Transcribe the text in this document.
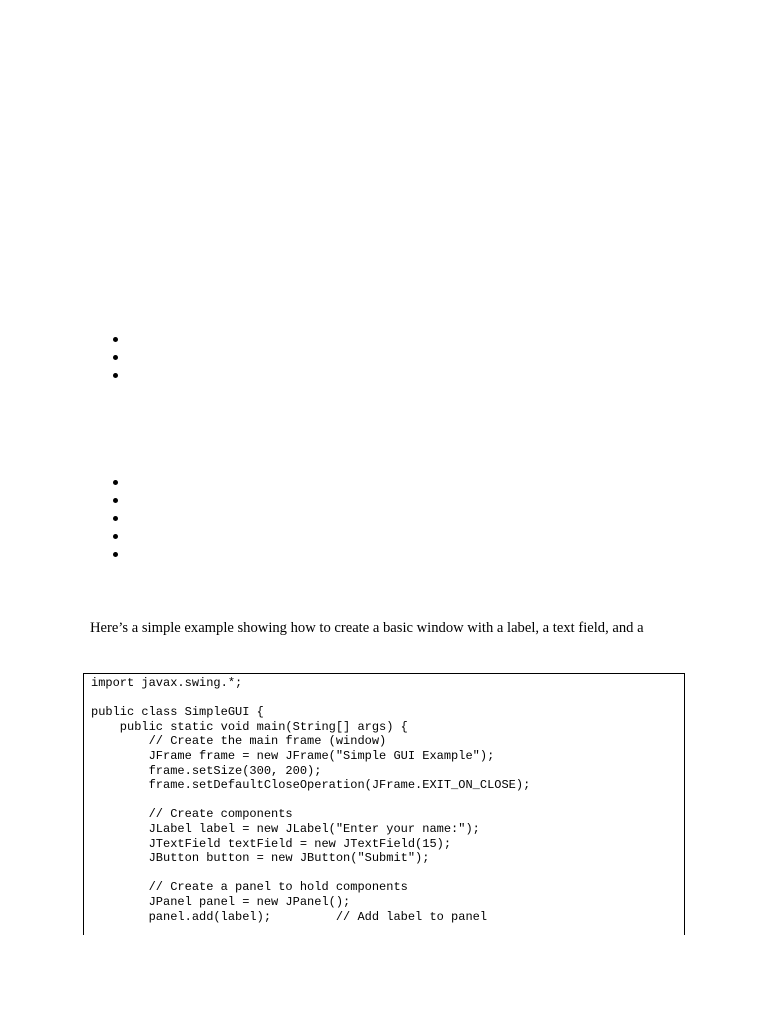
Here’s a simple example showing how to create a basic window with a label, a text field, and a

import javax.swing.*;

public class SimpleGUI {
public static void main(String[] args) {
// Create the main frame (window)
JFrame frame = new JFrame("Simple GUI Example");
frame.setSize(300, 200);
frame.setDefaultCloseOperation(JFrame.EXIT_ON_CLOSE);

// Create components
JLabel label = new JLabel("Enter your name:");
JTextField textField = new JTextField(15);
JButton button = new JButton("Submit");

// Create a panel to hold components
JPanel panel = new JPanel();
panel.add(label);         // Add label to panel
